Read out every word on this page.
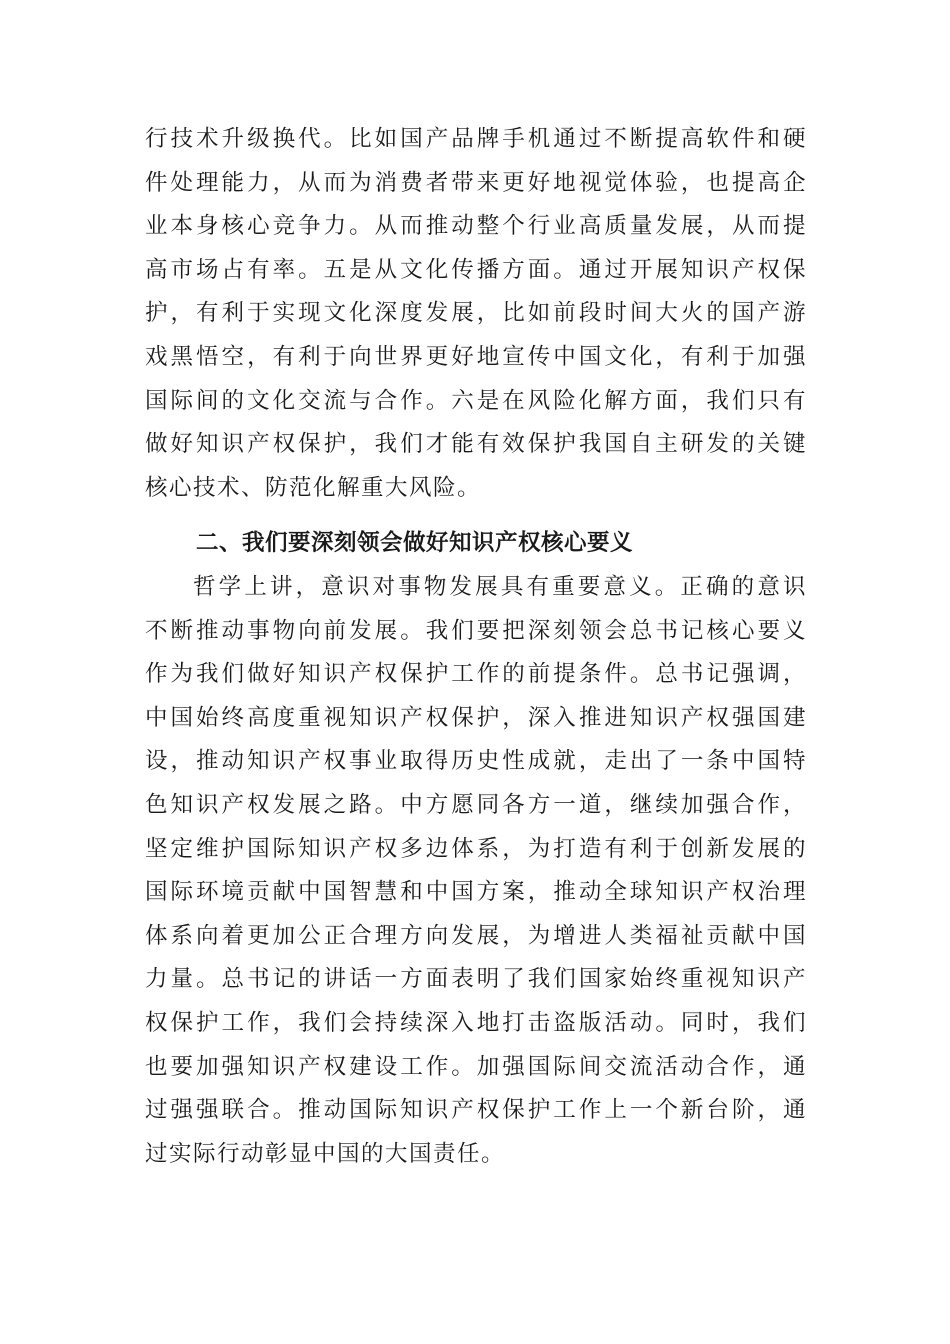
行技术升级换代。比如国产品牌手机通过不断提高软件和硬
件处理能力，从而为消费者带来更好地视觉体验，也提高企
业本身核心竞争力。从而推动整个行业高质量发展，从而提
高市场占有率。五是从文化传播方面。通过开展知识产权保
护，有利于实现文化深度发展，比如前段时间大火的国产游
戏黑悟空，有利于向世界更好地宣传中国文化，有利于加强
国际间的文化交流与合作。六是在风险化解方面，我们只有
做好知识产权保护，我们才能有效保护我国自主研发的关键
核心技术、防范化解重大风险。
二、我们要深刻领会做好知识产权核心要义
哲学上讲，意识对事物发展具有重要意义。正确的意识
不断推动事物向前发展。我们要把深刻领会总书记核心要义
作为我们做好知识产权保护工作的前提条件。总书记强调，
中国始终高度重视知识产权保护，深入推进知识产权强国建
设，推动知识产权事业取得历史性成就，走出了一条中国特
色知识产权发展之路。中方愿同各方一道，继续加强合作，
坚定维护国际知识产权多边体系，为打造有利于创新发展的
国际环境贡献中国智慧和中国方案，推动全球知识产权治理
体系向着更加公正合理方向发展，为增进人类福祉贡献中国
力量。总书记的讲话一方面表明了我们国家始终重视知识产
权保护工作，我们会持续深入地打击盗版活动。同时，我们
也要加强知识产权建设工作。加强国际间交流活动合作，通
过强强联合。推动国际知识产权保护工作上一个新台阶，通
过实际行动彰显中国的大国责任。
